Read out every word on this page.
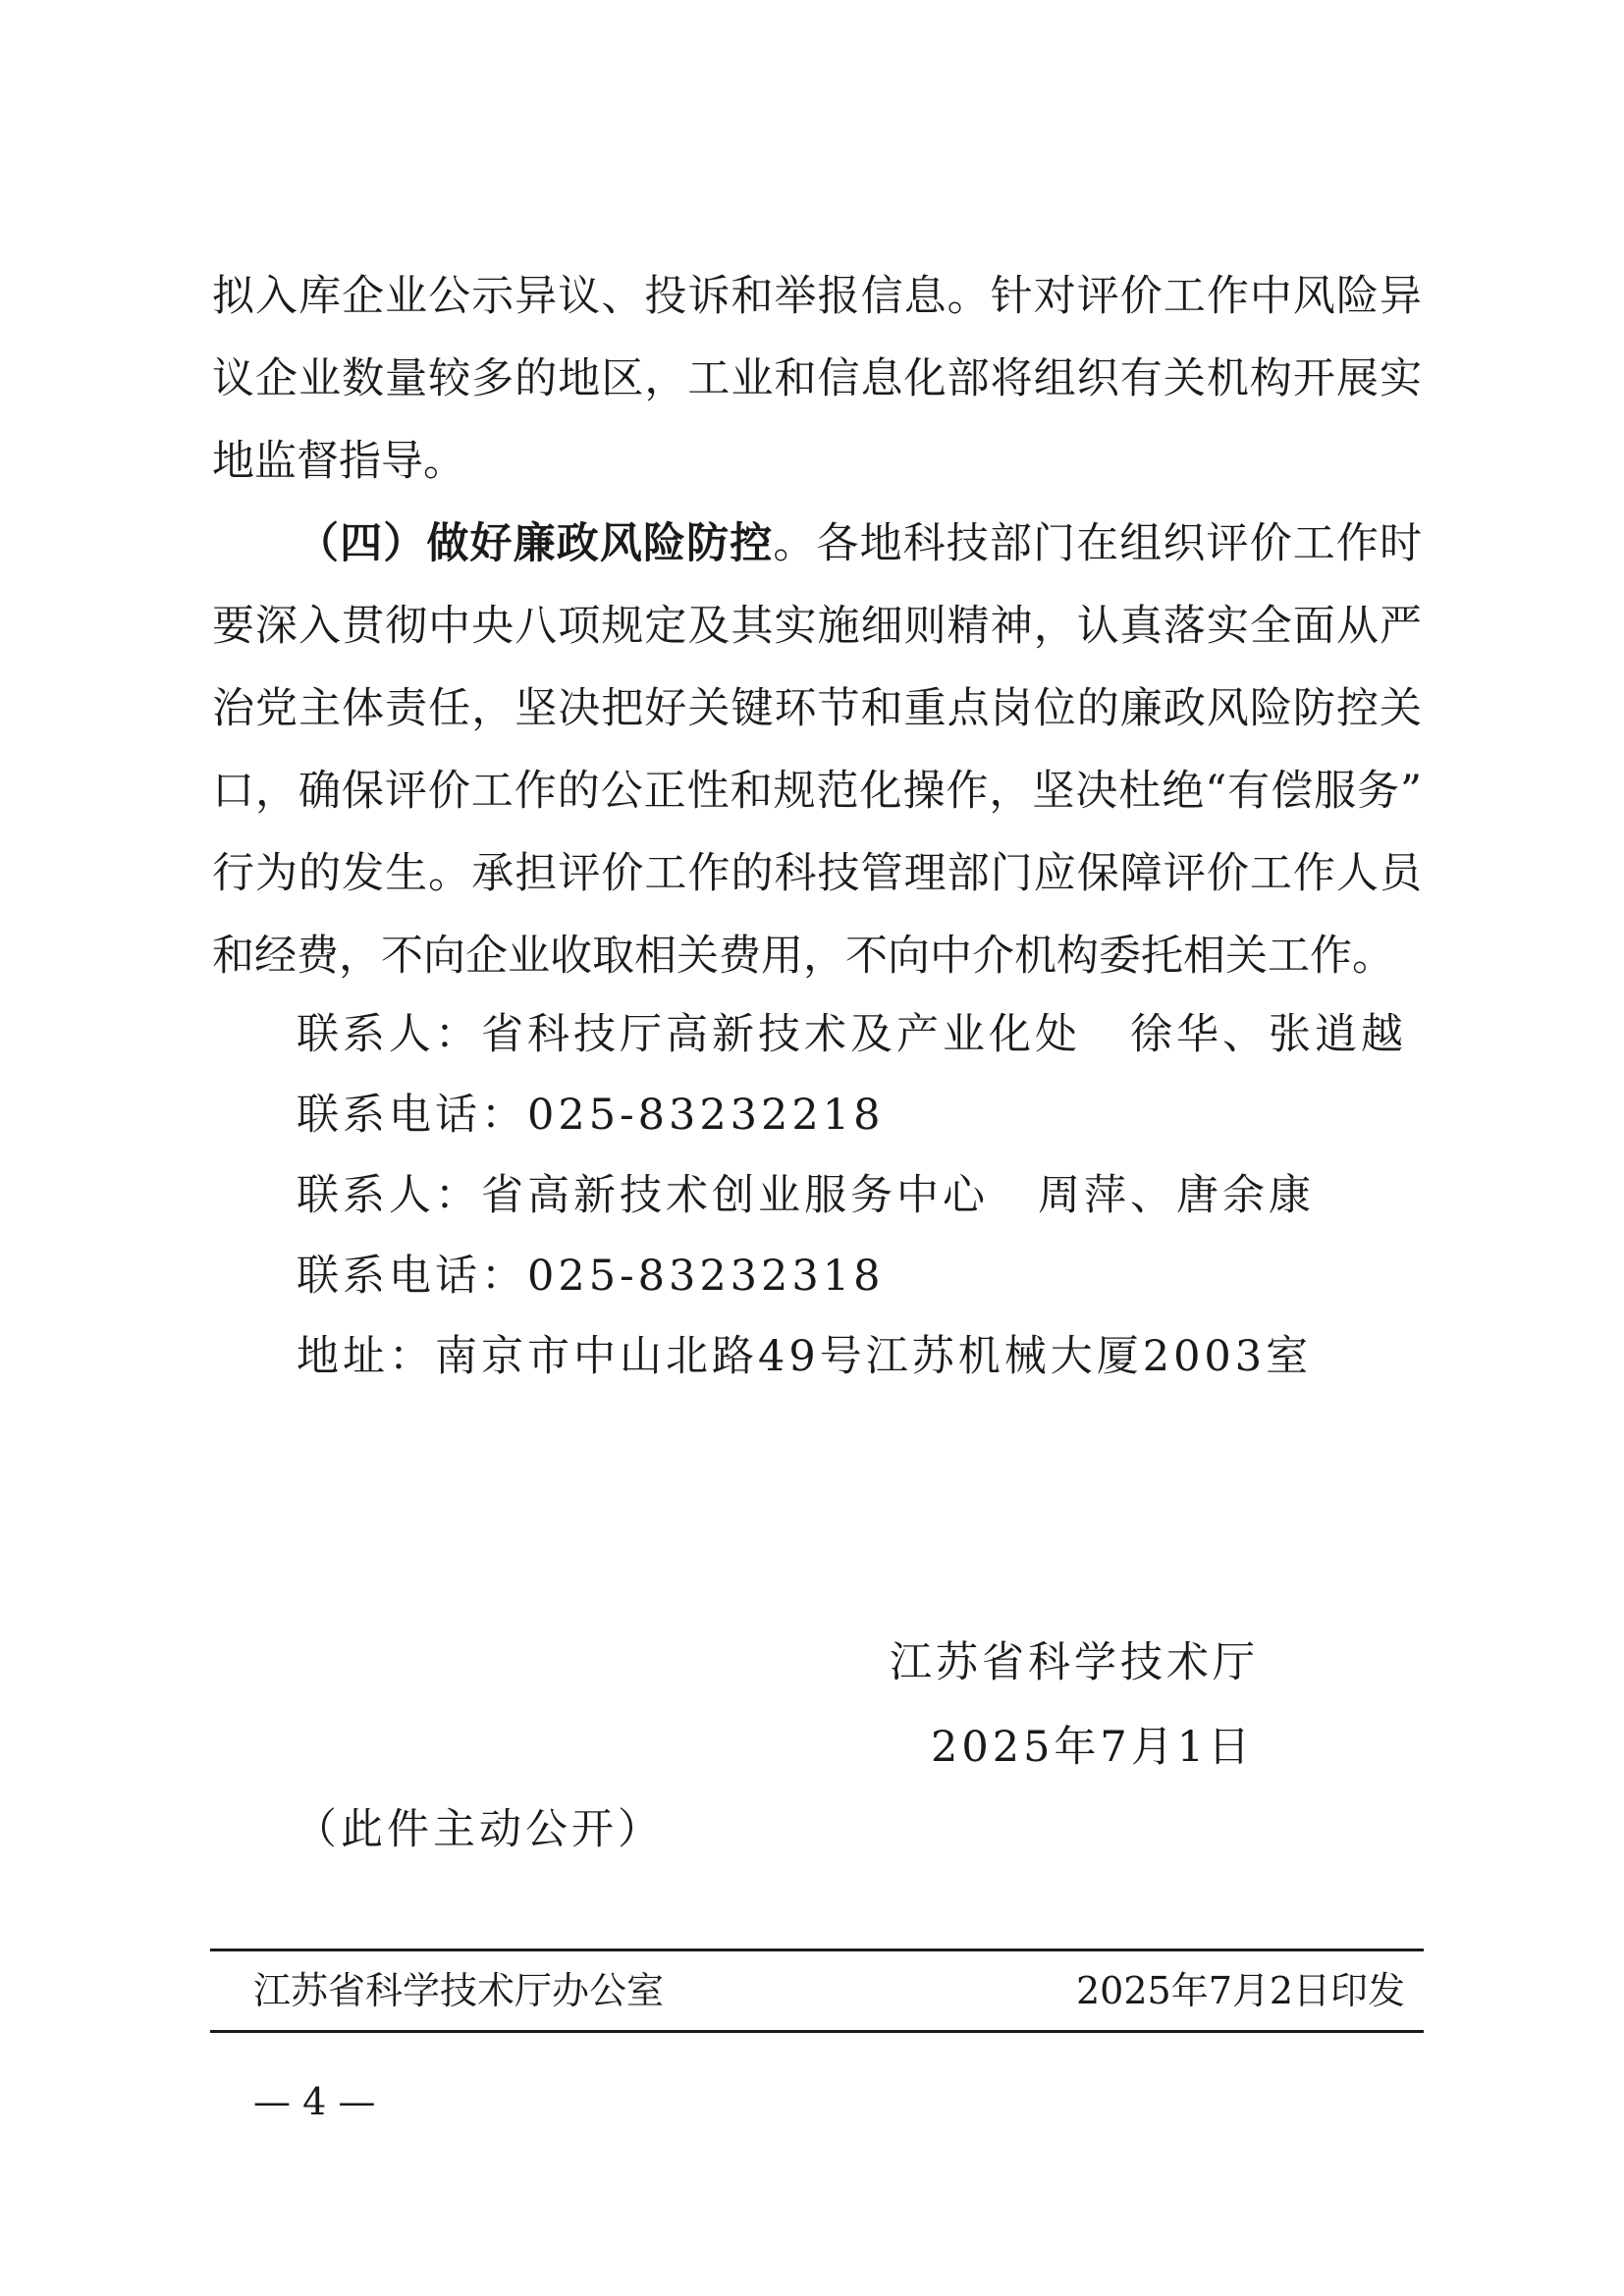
拟入库企业公示异议、投诉和举报信息。针对评价工作中风险异
议企业数量较多的地区，工业和信息化部将组织有关机构开展实
地监督指导。
（四）做好廉政风险防控。各地科技部门在组织评价工作时
要深入贯彻中央八项规定及其实施细则精神，认真落实全面从严
治党主体责任，坚决把好关键环节和重点岗位的廉政风险防控关
口，确保评价工作的公正性和规范化操作，坚决杜绝“有偿服务”
行为的发生。承担评价工作的科技管理部门应保障评价工作人员
和经费，不向企业收取相关费用，不向中介机构委托相关工作。
联系人：省科技厅高新技术及产业化处 徐华、张逍越
联系电话：025-83232218
联系人：省高新技术创业服务中心 周萍、唐余康
联系电话：025-83232318
地址：南京市中山北路49号江苏机械大厦2003室
江苏省科学技术厅
2025年7月1日
（此件主动公开）
江苏省科学技术厅办公室	2025年7月2日印发
— 4 —
